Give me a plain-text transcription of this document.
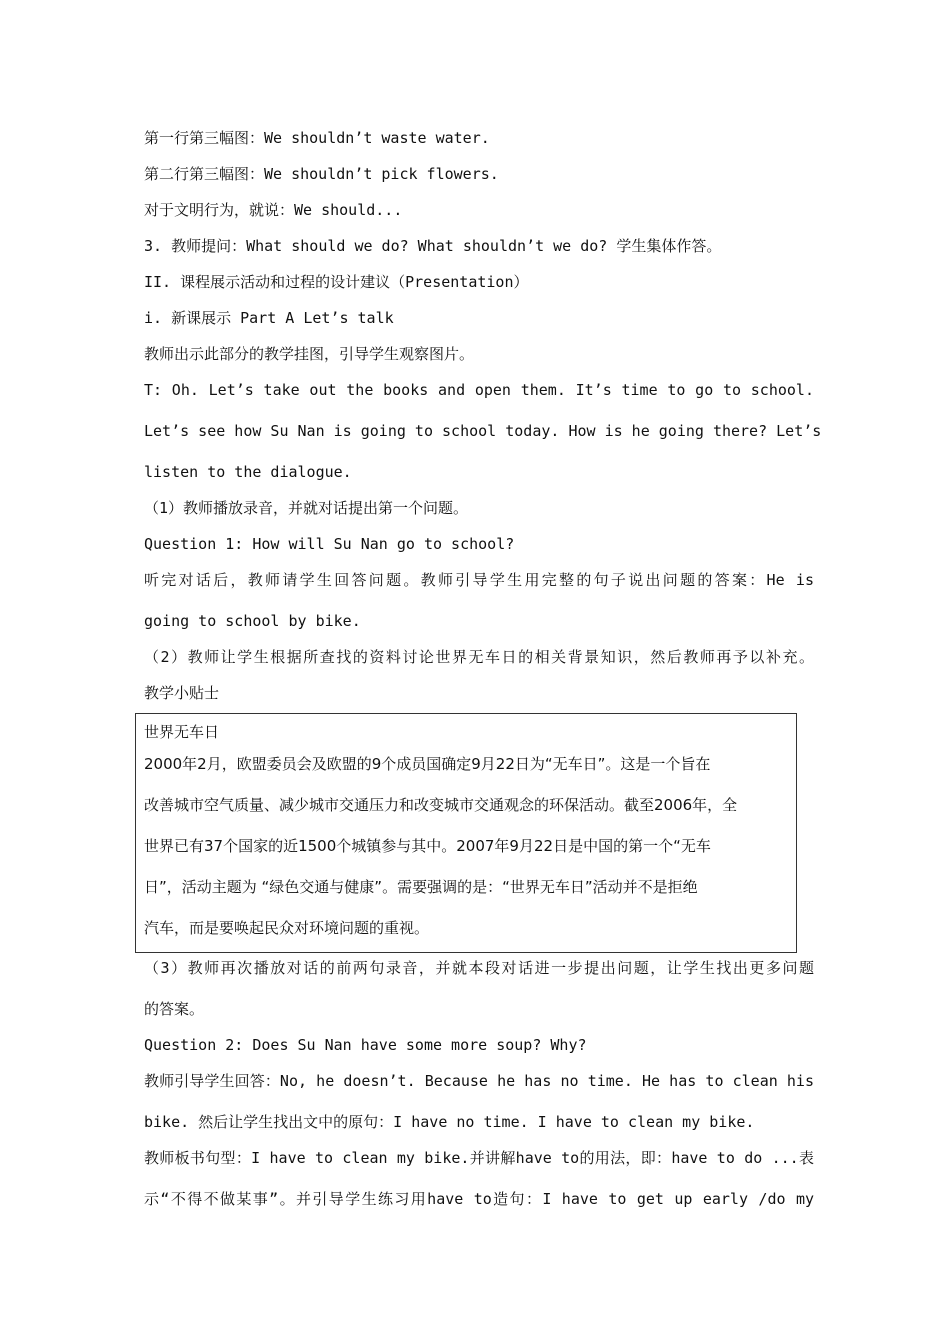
第一行第三幅图：We shouldn’t waste water.
第二行第三幅图：We shouldn’t pick flowers.
对于文明行为，就说：We should...
3. 教师提问：What should we do? What shouldn’t we do? 学生集体作答。
II. 课程展示活动和过程的设计建议（Presentation）
i. 新课展示 Part A Let’s talk
教师出示此部分的教学挂图，引导学生观察图片。
T: Oh. Let’s take out the books and open them. It’s time to go to school.
Let’s see how Su Nan is going to school today. How is he going there? Let’s
listen to the dialogue.
（1）教师播放录音，并就对话提出第一个问题。
Question 1: How will Su Nan go to school?
听完对话后，教师请学生回答问题。教师引导学生用完整的句子说出问题的答案：He is
going to school by bike.
（2）教师让学生根据所查找的资料讨论世界无车日的相关背景知识，然后教师再予以补充。
教学小贴士
世界无车日
2000年2月，欧盟委员会及欧盟的9个成员国确定9月22日为“无车日”。这是一个旨在
改善城市空气质量、减少城市交通压力和改变城市交通观念的环保活动。截至2006年，全
世界已有37个国家的近1500个城镇参与其中。2007年9月22日是中国的第一个“无车
日”，活动主题为 “绿色交通与健康”。需要强调的是：“世界无车日”活动并不是拒绝
汽车，而是要唤起民众对环境问题的重视。
（3）教师再次播放对话的前两句录音，并就本段对话进一步提出问题，让学生找出更多问题
的答案。
Question 2: Does Su Nan have some more soup? Why?
教师引导学生回答：No, he doesn’t. Because he has no time. He has to clean his
bike. 然后让学生找出文中的原句：I have no time. I have to clean my bike.
教师板书句型：I have to clean my bike.并讲解have to的用法，即：have to do ...表
示“不得不做某事”。并引导学生练习用have to造句：I have to get up early /do my
